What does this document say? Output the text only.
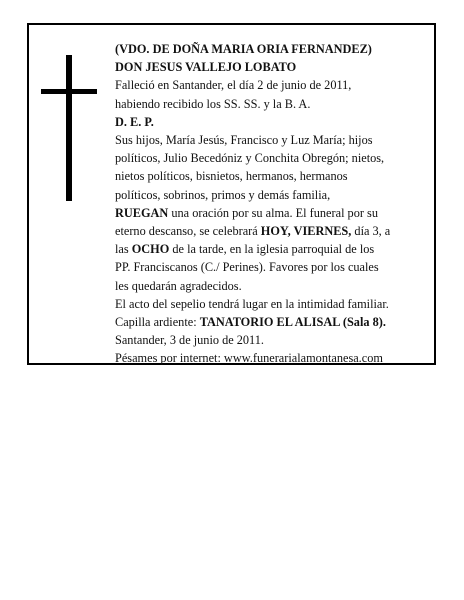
(VDO. DE DOÑA MARIA ORIA FERNANDEZ)

DON JESUS VALLEJO LOBATO

Falleció en Santander, el día 2 de junio de 2011,

habiendo recibido los SS. SS. y la B. A.

D. E. P.

Sus hijos, María Jesús, Francisco y Luz María; hijos

políticos, Julio Becedóniz y Conchita Obregón; nietos,

nietos políticos, bisnietos, hermanos, hermanos

políticos, sobrinos, primos y demás familia,

RUEGAN una oración por su alma. El funeral por su

eterno descanso, se celebrará HOY, VIERNES, día 3, a

las OCHO de la tarde, en la iglesia parroquial de los

PP. Franciscanos (C./ Perines). Favores por los cuales

les quedarán agradecidos.

El acto del sepelio tendrá lugar en la intimidad familiar.

Capilla ardiente: TANATORIO EL ALISAL (Sala 8).

Santander, 3 de junio de 2011.

Pésames por internet: www.funerarialamontanesa.com
